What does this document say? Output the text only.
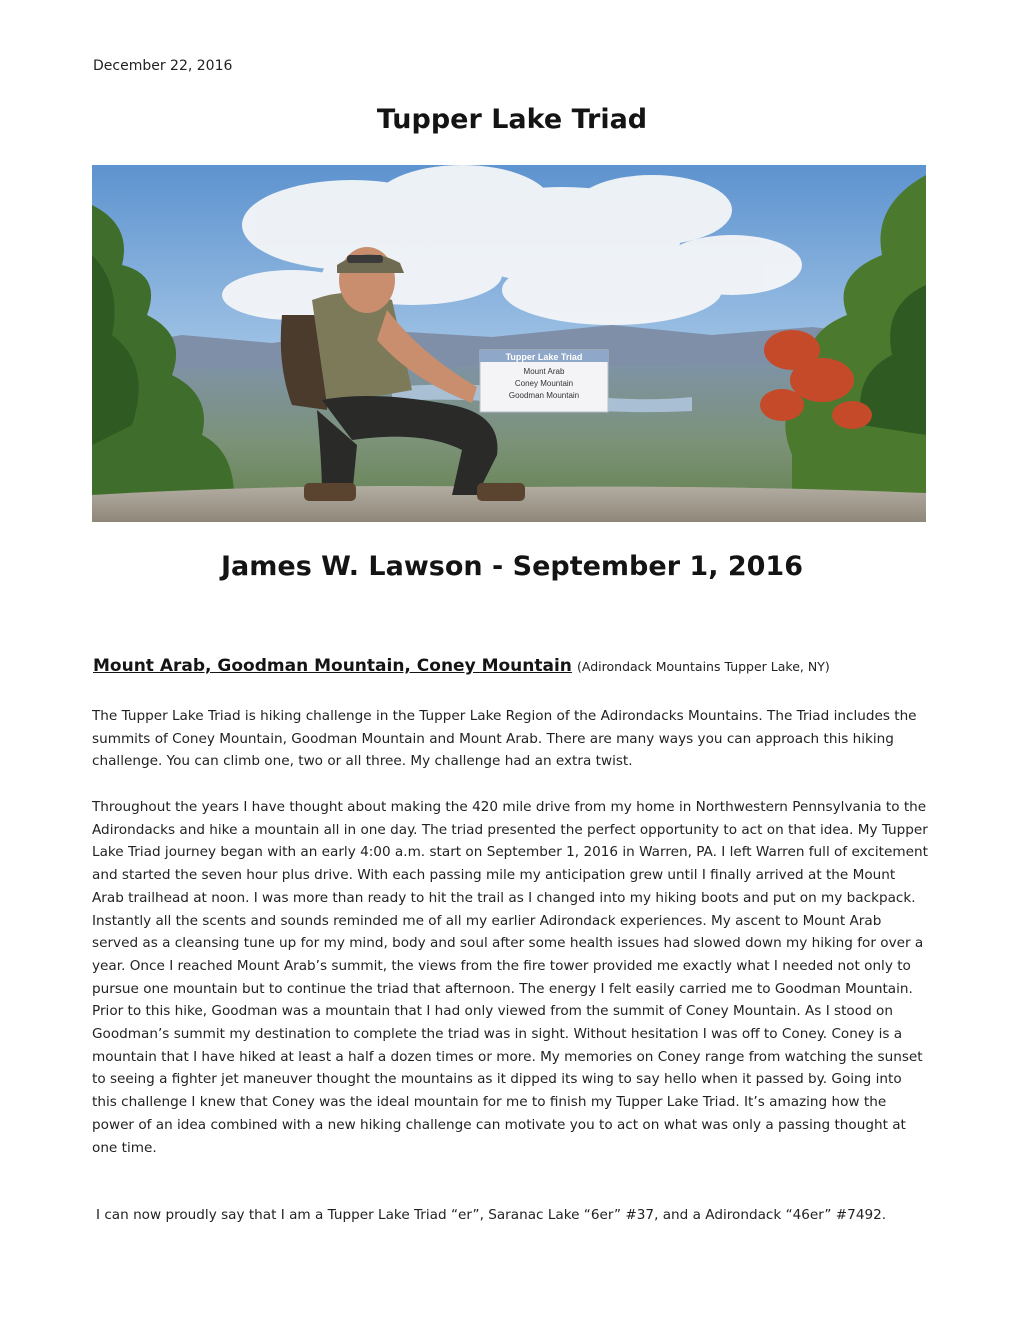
December 22, 2016
Tupper Lake Triad
Tupper Lake Triad
Mount Arab
Coney Mountain
Goodman Mountain
James W. Lawson - September 1, 2016
Mount Arab, Goodman Mountain, Coney Mountain (Adirondack Mountains Tupper Lake, NY)

The Tupper Lake Triad is hiking challenge in the Tupper Lake Region of the Adirondacks Mountains. The Triad includes the summits of Coney Mountain, Goodman Mountain and Mount Arab. There are many ways you can approach this hiking challenge. You can climb one, two or all three. My challenge had an extra twist.

Throughout the years I have thought about making the 420 mile drive from my home in Northwestern Pennsylvania to the Adirondacks and hike a mountain all in one day. The triad presented the perfect opportunity to act on that idea. My Tupper Lake Triad journey began with an early 4:00 a.m. start on September 1, 2016 in Warren, PA. I left Warren full of excitement and started the seven hour plus drive. With each passing mile my anticipation grew until I finally arrived at the Mount Arab trailhead at noon. I was more than ready to hit the trail as I changed into my hiking boots and put on my backpack. Instantly all the scents and sounds reminded me of all my earlier Adirondack experiences. My ascent to Mount Arab served as a cleansing tune up for my mind, body and soul after some health issues had slowed down my hiking for over a year. Once I reached Mount Arab’s summit, the views from the fire tower provided me exactly what I needed not only to pursue one mountain but to continue the triad that afternoon. The energy I felt easily carried me to Goodman Mountain. Prior to this hike, Goodman was a mountain that I had only viewed from the summit of Coney Mountain. As I stood on Goodman’s summit my destination to complete the triad was in sight. Without hesitation I was off to Coney. Coney is a mountain that I have hiked at least a half a dozen times or more. My memories on Coney range from watching the sunset to seeing a fighter jet maneuver thought the mountains as it dipped its wing to say hello when it passed by. Going into this challenge I knew that Coney was the ideal mountain for me to finish my Tupper Lake Triad. It’s amazing how the power of an idea combined with a new hiking challenge can motivate you to act on what was only a passing thought at one time.

I can now proudly say that I am a Tupper Lake Triad “er”, Saranac Lake “6er” #37, and a Adirondack “46er” #7492.
